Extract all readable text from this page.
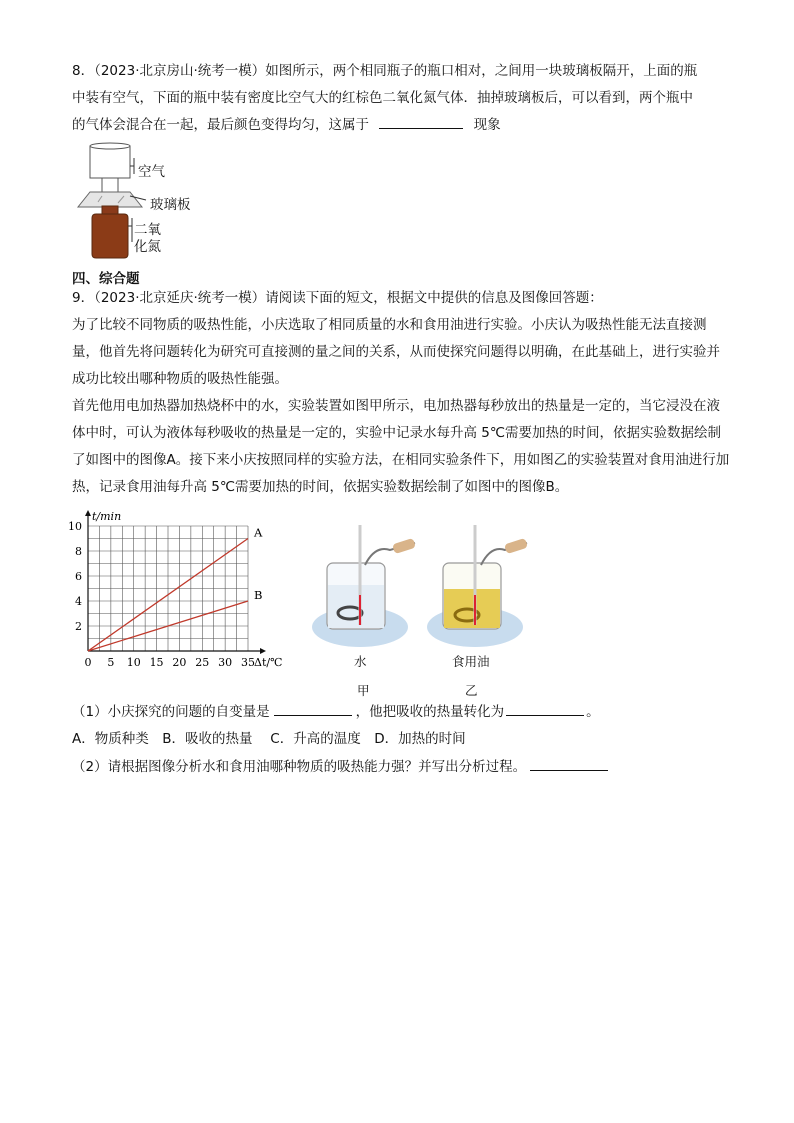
8．（2023·北京房山·统考一模）如图所示，两个相同瓶子的瓶口相对，之间用一块玻璃板隔开，上面的瓶

中装有空气，下面的瓶中装有密度比空气大的红棕色二氧化氮气体．抽掉玻璃板后，可以看到，两个瓶中

的气体会混合在一起，最后颜色变得均匀，这属于	现象

空气
玻璃板
二氧
化氮
四、综合题

9．（2023·北京延庆·统考一模）请阅读下面的短文，根据文中提供的信息及图像回答题：

为了比较不同物质的吸热性能，小庆选取了相同质量的水和食用油进行实验。小庆认为吸热性能无法直接测量，他首先将问题转化为研究可直接测的量之间的关系，从而使探究问题得以明确，在此基础上，进行实验并成功比较出哪种物质的吸热性能强。

首先他用电加热器加热烧杯中的水，实验装置如图甲所示，电加热器每秒放出的热量是一定的，当它浸没在液体中时，可认为液体每秒吸收的热量是一定的，实验中记录水每升高 5℃需要加热的时间，依据实验数据绘制了如图中的图像A。接下来小庆按照同样的实验方法，在相同实验条件下，用如图乙的实验装置对食用油进行加热，记录食用油每升高 5℃需要加热的时间，依据实验数据绘制了如图中的图像B。

0 5 10 15 20 25 30 35
2
4
6
8
10
Δt/℃
t/min
A
B
水	食用油
甲	乙

（1）小庆探究的问题的自变量是	，他把吸收的热量转化为	。

A．物质种类　B．吸收的热量　 C．升高的温度　D．加热的时间

（2）请根据图像分析水和食用油哪种物质的吸热能力强？并写出分析过程。
